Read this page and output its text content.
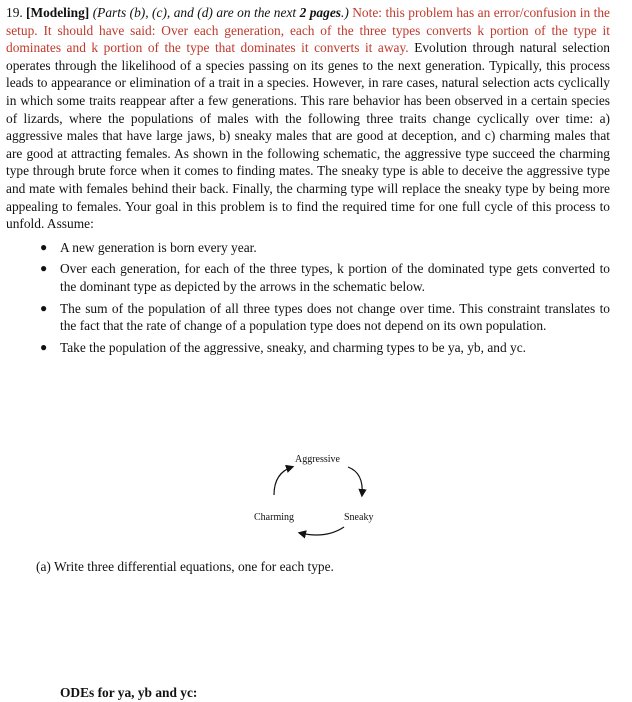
19. [Modeling] (Parts (b), (c), and (d) are on the next 2 pages.) Note: this problem has an error/confusion in the setup. It should have said: Over each generation, each of the three types converts k portion of the type it dominates and k portion of the type that dominates it converts it away. Evolution through natural selection operates through the likelihood of a species passing on its genes to the next generation. Typically, this process leads to appearance or elimination of a trait in a species. However, in rare cases, natural selection acts cyclically in which some traits reappear after a few generations. This rare behavior has been observed in a certain species of lizards, where the populations of males with the following three traits change cyclically over time: a) aggressive males that have large jaws, b) sneaky males that are good at deception, and c) charming males that are good at attracting females. As shown in the following schematic, the aggressive type succeed the charming type through brute force when it comes to finding mates. The sneaky type is able to deceive the aggressive type and mate with females behind their back. Finally, the charming type will replace the sneaky type by being more appealing to females. Your goal in this problem is to find the required time for one full cycle of this process to unfold. Assume:
● A new generation is born every year.
● Over each generation, for each of the three types, k portion of the dominated type gets converted to the dominant type as depicted by the arrows in the schematic below.
● The sum of the population of all three types does not change over time. This constraint translates to the fact that the rate of change of a population type does not depend on its own population.
● Take the population of the aggressive, sneaky, and charming types to be ya, yb, and yc.
Aggressive
Charming	Sneaky
(a) Write three differential equations, one for each type.
ODEs for ya, yb and yc:
